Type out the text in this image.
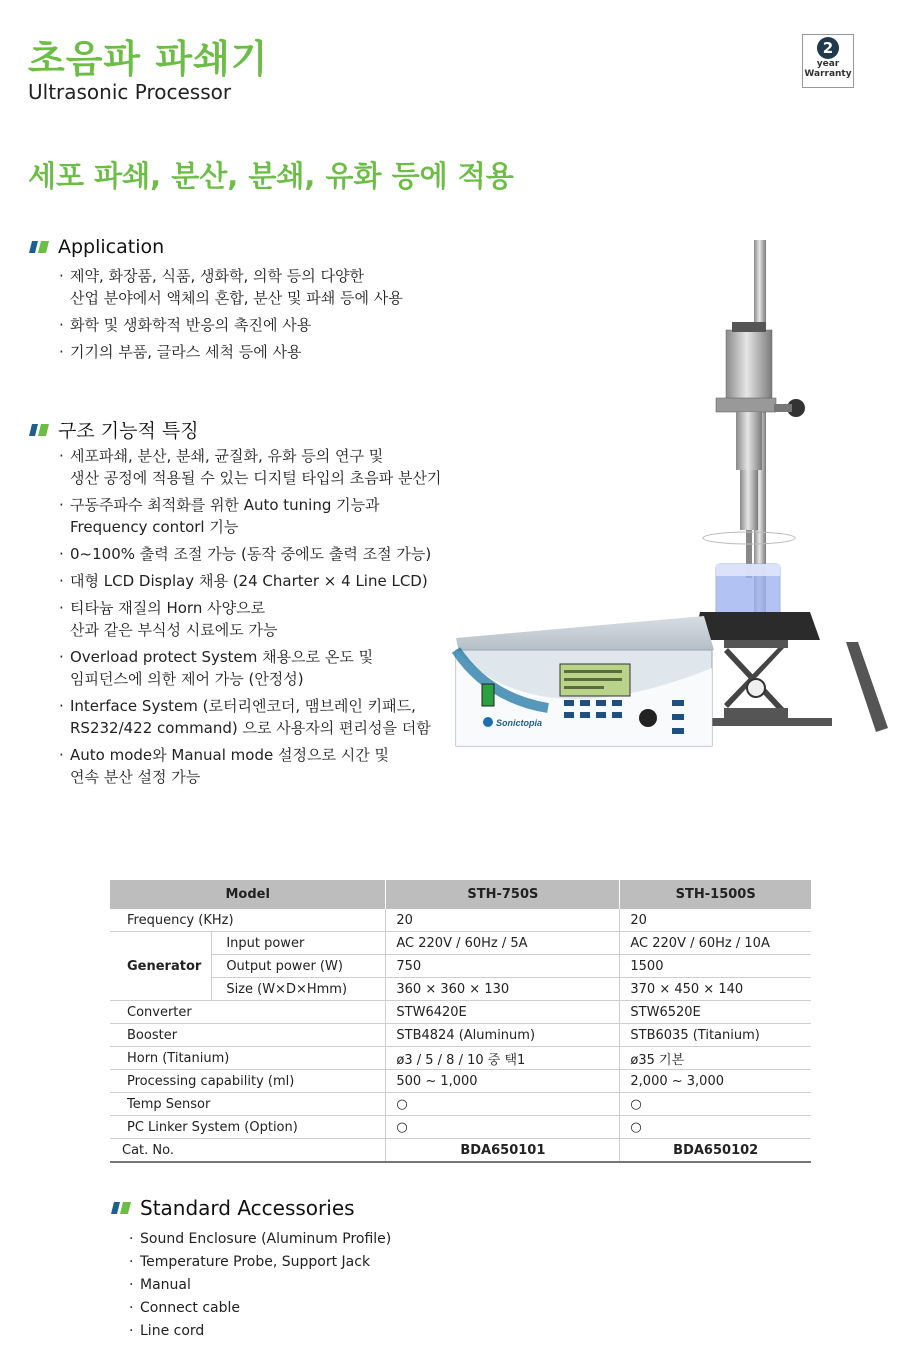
초음파 파쇄기
Ultrasonic Processor
2
year
Warranty
세포 파쇄, 분산, 분쇄, 유화 등에 적용
Application
· 제약, 화장품, 식품, 생화학, 의학 등의 다양한
산업 분야에서 액체의 혼합, 분산 및 파쇄 등에 사용
· 화학 및 생화학적 반응의 촉진에 사용
· 기기의 부품, 글라스 세척 등에 사용
구조 기능적 특징
· 세포파쇄, 분산, 분쇄, 균질화, 유화 등의 연구 및
생산 공정에 적용될 수 있는 디지털 타입의 초음파 분산기
· 구동주파수 최적화를 위한 Auto tuning 기능과
Frequency contorl 기능
· 0~100% 출력 조절 가능 (동작 중에도 출력 조절 가능)
· 대형 LCD Display 채용 (24 Charter × 4 Line LCD)
· 티타늄 재질의 Horn 사양으로
산과 같은 부식성 시료에도 가능
· Overload protect System 채용으로 온도 및
임피던스에 의한 제어 가능 (안정성)
· Interface System (로터리엔코더, 맴브레인 키패드,
RS232/422 command) 으로 사용자의 편리성을 더함
· Auto mode와 Manual mode 설정으로 시간 및
연속 분산 설정 가능
Sonictopia
Model		STH-750S	STH-1500S
Frequency (KHz)		20	20
Generator	Input power	AC 220V / 60Hz / 5A	AC 220V / 60Hz / 10A
	Output power (W)	750	1500
	Size (W×D×Hmm)	360 × 360 × 130	370 × 450 × 140
Converter		STW6420E	STW6520E
Booster		STB4824 (Aluminum)	STB6035 (Titanium)
Horn (Titanium)		ø3 / 5 / 8 / 10 중 택1	ø35 기본
Processing capability (ml)		500 ~ 1,000	2,000 ~ 3,000
Temp Sensor		○	○
PC Linker System (Option)		○	○
Cat. No.		BDA650101	BDA650102
Standard Accessories
· Sound Enclosure (Aluminum Profile)
· Temperature Probe, Support Jack
· Manual
· Connect cable
· Line cord
